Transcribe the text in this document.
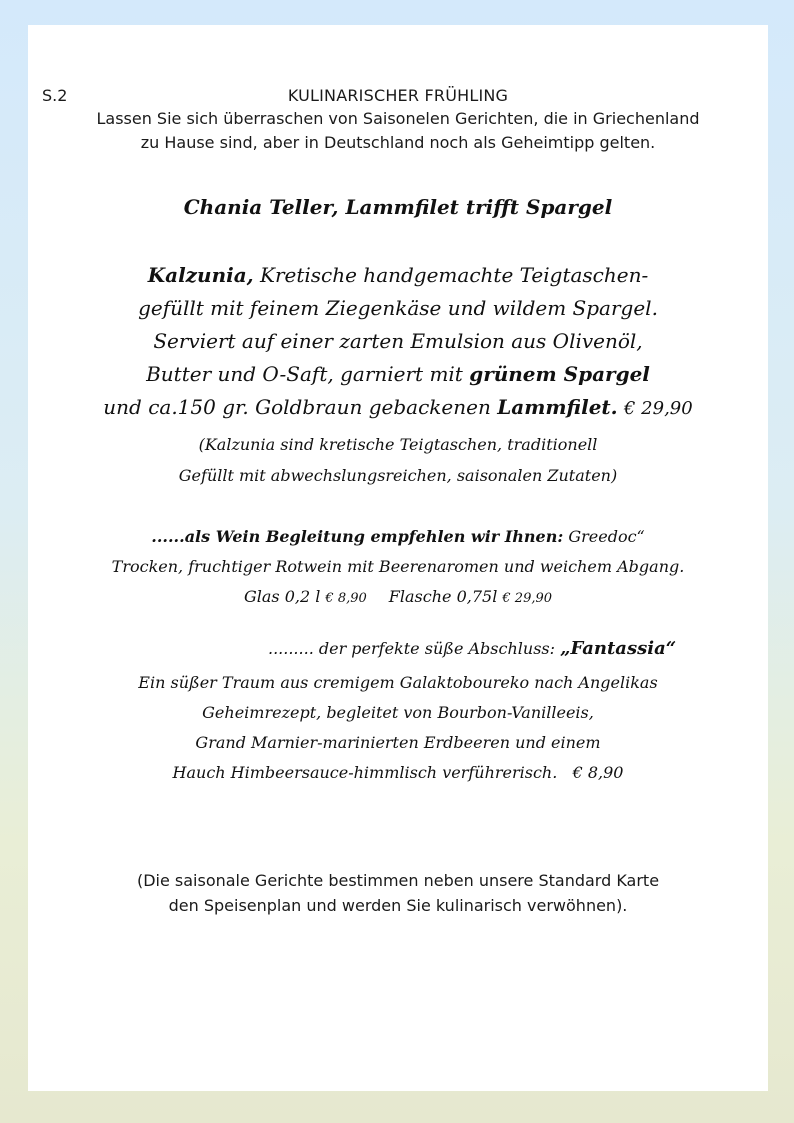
S.2	KULINARISCHER FRÜHLING
Lassen Sie sich überraschen von Saisonelen Gerichten, die in Griechenland
zu Hause sind, aber in Deutschland noch als Geheimtipp gelten.
Chania Teller, Lammfilet trifft Spargel
Kalzunia, Kretische handgemachte Teigtaschen-
gefüllt mit feinem Ziegenkäse und wildem Spargel.
Serviert auf einer zarten Emulsion aus Olivenöl,
Butter und O-Saft, garniert mit grünem Spargel
und ca.150 gr. Goldbraun gebackenen Lammfilet. € 29,90
(Kalzunia sind kretische Teigtaschen, traditionell
Gefüllt mit abwechslungsreichen, saisonalen Zutaten)
......als Wein Begleitung empfehlen wir Ihnen: Greedoc“
Trocken, fruchtiger Rotwein mit Beerenaromen und weichem Abgang.
Glas 0,2 l € 8,90 Flasche 0,75l € 29,90
......... der perfekte süße Abschluss: „Fantassia“
Ein süßer Traum aus cremigem Galaktoboureko nach Angelikas
Geheimrezept, begleitet von Bourbon-Vanilleeis,
Grand Marnier-marinierten Erdbeeren und einem
Hauch Himbeersauce-himmlisch verführerisch. € 8,90
(Die saisonale Gerichte bestimmen neben unsere Standard Karte
den Speisenplan und werden Sie kulinarisch verwöhnen).
